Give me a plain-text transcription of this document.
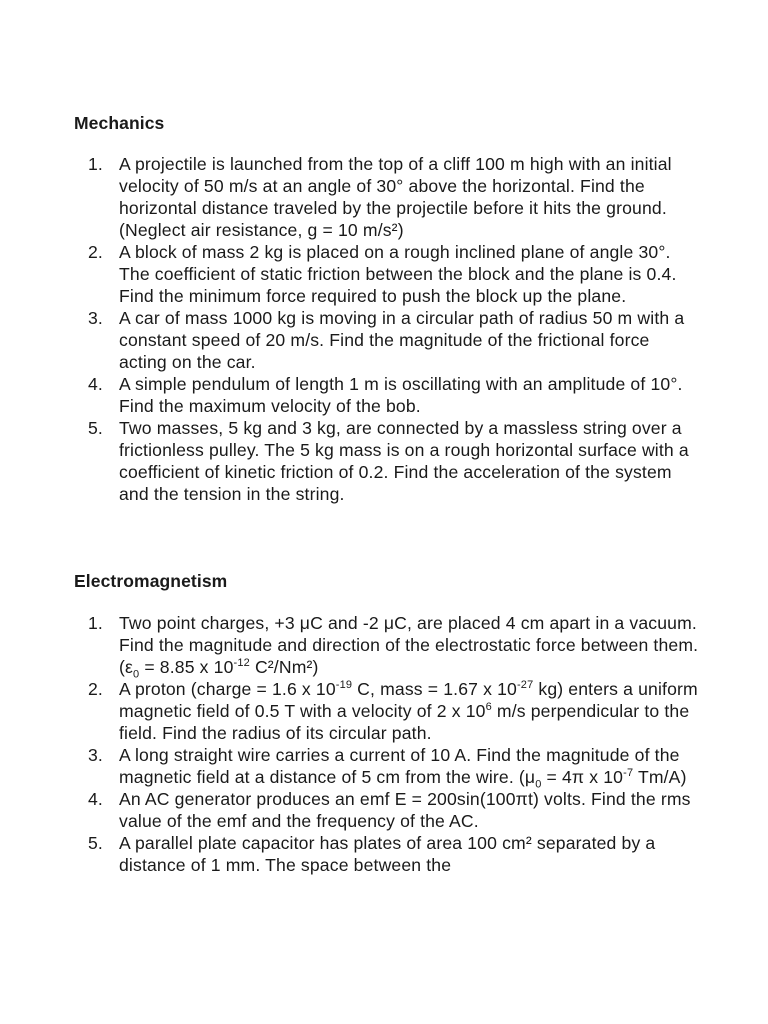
Mechanics
1. A projectile is launched from the top of a cliff 100 m high with an initial velocity of 50 m/s at an angle of 30° above the horizontal. Find the horizontal distance traveled by the projectile before it hits the ground. (Neglect air resistance, g = 10 m/s²)
2. A block of mass 2 kg is placed on a rough inclined plane of angle 30°. The coefficient of static friction between the block and the plane is 0.4. Find the minimum force required to push the block up the plane.
3. A car of mass 1000 kg is moving in a circular path of radius 50 m with a constant speed of 20 m/s. Find the magnitude of the frictional force acting on the car.
4. A simple pendulum of length 1 m is oscillating with an amplitude of 10°. Find the maximum velocity of the bob.
5. Two masses, 5 kg and 3 kg, are connected by a massless string over a frictionless pulley. The 5 kg mass is on a rough horizontal surface with a coefficient of kinetic friction of 0.2. Find the acceleration of the system and the tension in the string.
Electromagnetism
1. Two point charges, +3 μC and -2 μC, are placed 4 cm apart in a vacuum. Find the magnitude and direction of the electrostatic force between them. ($\varepsilon_0 = 8.85$ x $10^{-12}$ C²/Nm²)
2. A proton (charge = 1.6 x $10^{-19}$ C, mass = 1.67 x $10^{-27}$ kg) enters a uniform magnetic field of 0.5 T with a velocity of 2 x $10^6$ m/s perpendicular to the field. Find the radius of its circular path.
3. A long straight wire carries a current of 10 A. Find the magnitude of the magnetic field at a distance of 5 cm from the wire. ($\mu_0 = 4\pi$ x $10^{-7}$ Tm/A)
4. An AC generator produces an emf E = 200sin(100πt) volts. Find the rms value of the emf and the frequency of the AC.
5. A parallel plate capacitor has plates of area 100 cm² separated by a distance of 1 mm. The space between the
